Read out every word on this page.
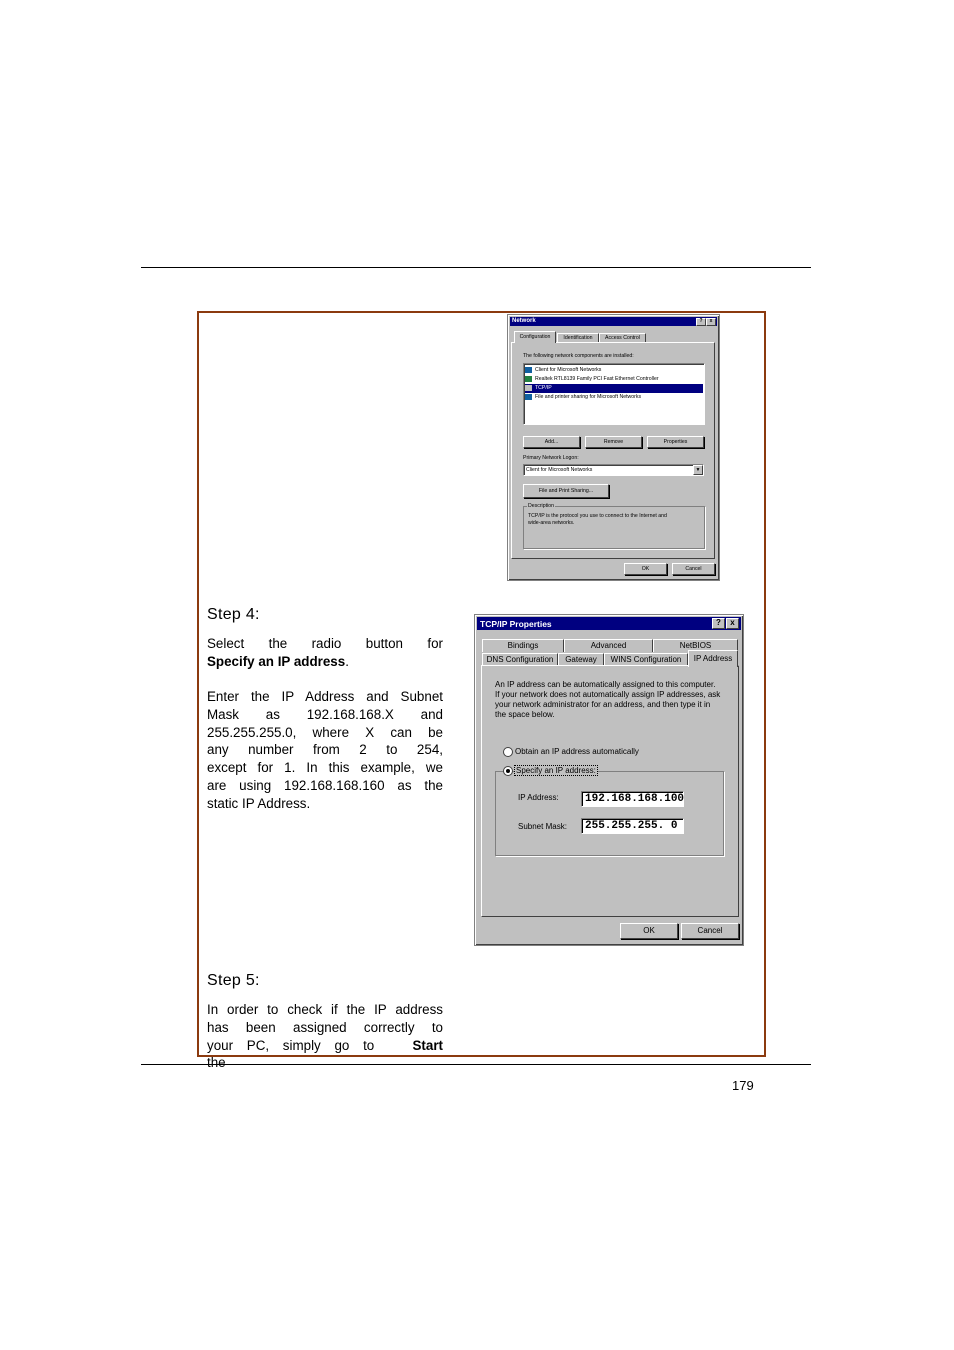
Network	?	x
Configuration	Identification	Access Control
The following network components are installed:
Client for Microsoft Networks
Realtek RTL8139 Family PCI Fast Ethernet Controller
TCP/IP
File and printer sharing for Microsoft Networks
Add...	Remove	Properties
Primary Network Logon:
Client for Microsoft Networks	▼
File and Print Sharing...
Description
TCP/IP is the protocol you use to connect to the Internet and
wide-area networks.
OK	Cancel
Step 4:
Select the radio button for
Specify an IP address.
Enter the IP Address and Subnet
Mask as 192.168.168.X and
255.255.255.0, where X can be
any number from 2 to 254,
except for 1. In this example, we
are using 192.168.168.160 as the
static IP Address.
TCP/IP Properties	?	x
Bindings	Advanced	NetBIOS
DNS Configuration	Gateway	WINS Configuration	IP Address
An IP address can be automatically assigned to this computer.
If your network does not automatically assign IP addresses, ask
your network administrator for an address, and then type it in
the space below.
Obtain an IP address automatically
Specify an IP address:
IP Address:	192.168.168.100
Subnet Mask:	255.255.255. 0
OK	Cancel
Step 5:
In order to check if the IP address
has been assigned correctly to
your PC, simply go to the
Start
179
